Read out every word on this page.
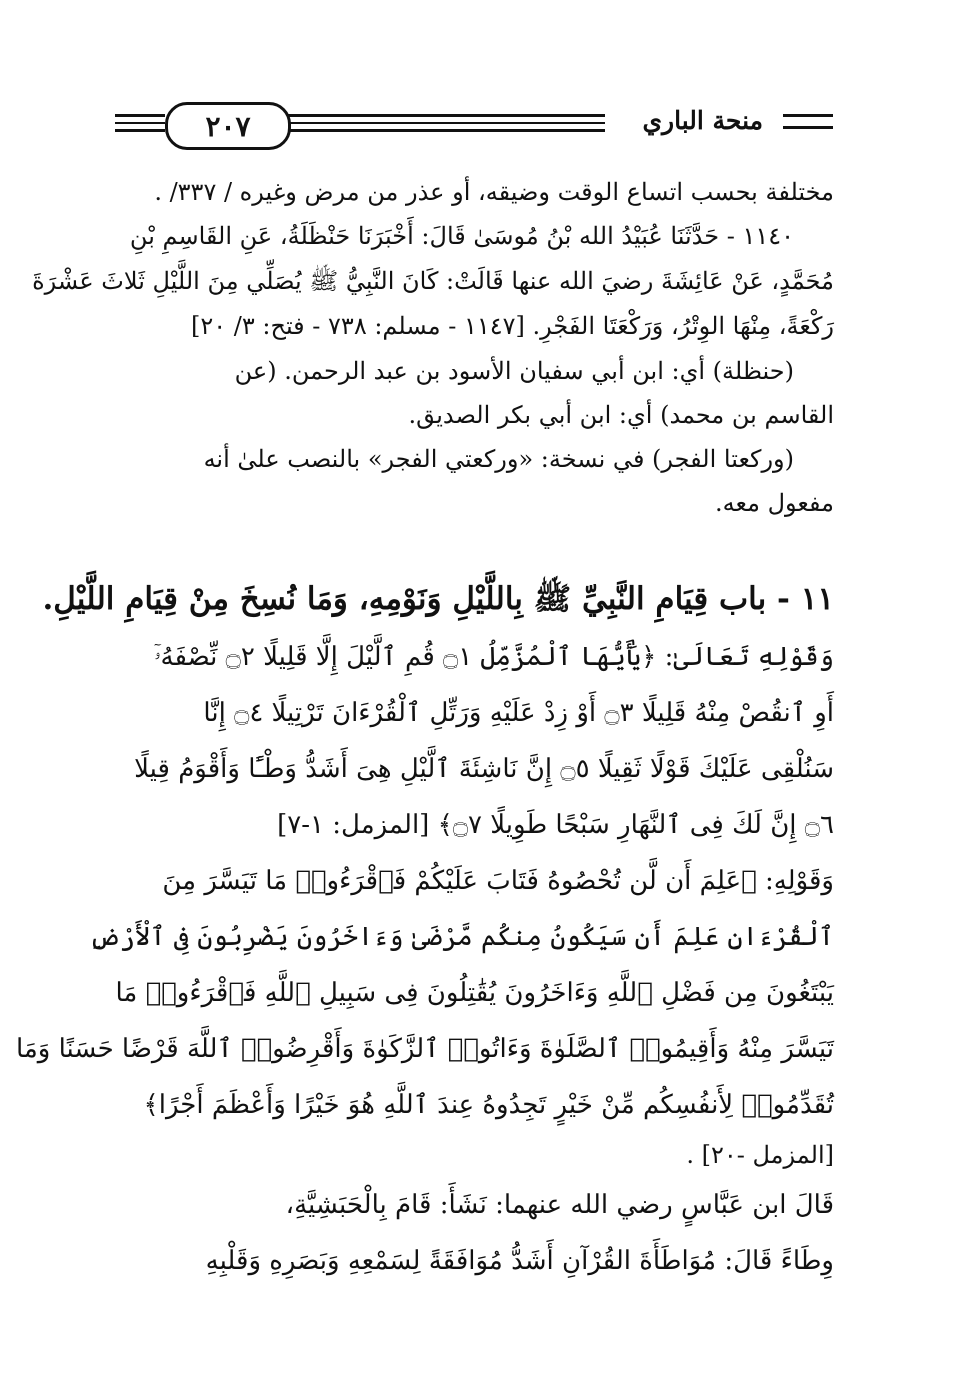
٢٠٧	منحة الباري
مختلفة بحسب اتساع الوقت وضيقه، أو عذر من مرض وغيره / ٣٣٧/ .
١١٤٠ - حَدَّثَنَا عُبَيْدُ الله بْنُ مُوسَىٰ قَالَ: أَخْبَرَنَا حَنْظَلَةُ، عَنِ القَاسِمِ بْنِ
مُحَمَّدٍ، عَنْ عَائِشَةَ رضيَ الله عنها قَالَتْ: كَانَ النَّبِيُّ ﷺ يُصَلِّي مِنَ اللَّيْلِ ثَلاثَ عَشْرَةَ
رَكْعَةً، مِنْهَا الوِتْرُ، وَرَكْعَتَا الفَجْرِ. [١١٤٧ - مسلم: ٧٣٨ - فتح: ٣/ ٢٠]
(حنظلة) أي: ابن أبي سفيان الأسود بن عبد الرحمن. (عن
القاسم بن محمد) أي: ابن أبي بكر الصديق.
(وركعتا الفجر) في نسخة: «وركعتي الفجر» بالنصب علىٰ أنه
مفعول معه.
١١ - باب قِيَامِ النَّبِيِّ ﷺ بِاللَّيْلِ وَنَوْمِهِ، وَمَا نُسِخَ مِنْ قِيَامِ اللَّيْلِ.
وَقَوْلِهِ تَعَالَىٰ: ﴿يَٰأَيُّهَا ٱلْمُزَّمِّلُ ۝١ قُمِ ٱلَّيْلَ إِلَّا قَلِيلًا ۝٢ نِّصْفَهُۥٓ
أَوِ ٱنقُصْ مِنْهُ قَلِيلًا ۝٣ أَوْ زِدْ عَلَيْهِ وَرَتِّلِ ٱلْقُرْءَانَ تَرْتِيلًا ۝٤ إِنَّا
سَنُلْقِى عَلَيْكَ قَوْلًا ثَقِيلًا ۝٥ إِنَّ نَاشِئَةَ ٱلَّيْلِ هِىَ أَشَدُّ وَطْـًٔا وَأَقْوَمُ قِيلًا
۝٦ إِنَّ لَكَ فِى ٱلنَّهَارِ سَبْحًا طَوِيلًا ۝٧﴾ [المزمل: ١-٧]
وَقَوْلِهِ: ﴿عَلِمَ أَن لَّن تُحْصُوهُ فَتَابَ عَلَيْكُمْ فَٱقْرَءُوا۟ مَا تَيَسَّرَ مِنَ
ٱلْقُرْءَانِ عَلِمَ أَن سَيَكُونُ مِنكُم مَّرْضَىٰ وَءَاخَرُونَ يَضْرِبُونَ فِى ٱلْأَرْضِ
يَبْتَغُونَ مِن فَضْلِ ٱللَّهِ وَءَاخَرُونَ يُقَٰتِلُونَ فِى سَبِيلِ ٱللَّهِ فَٱقْرَءُوا۟ مَا
تَيَسَّرَ مِنْهُ وَأَقِيمُوا۟ ٱلصَّلَوٰةَ وَءَاتُوا۟ ٱلزَّكَوٰةَ وَأَقْرِضُوا۟ ٱللَّهَ قَرْضًا حَسَنًا وَمَا
تُقَدِّمُوا۟ لِأَنفُسِكُم مِّنْ خَيْرٍ تَجِدُوهُ عِندَ ٱللَّهِ هُوَ خَيْرًا وَأَعْظَمَ أَجْرًا﴾
[المزمل -٢٠] .
قَالَ ابن عَبَّاسٍ رضي الله عنهما: نَشَأَ: قَامَ بِالْحَبَشِيَّةِ،
وِطَاءً قَالَ: مُوَاطَأَةَ القُرْآنِ أَشَدُّ مُوَافَقَةً لِسَمْعِهِ وَبَصَرِهِ وَقَلْبِهِ
